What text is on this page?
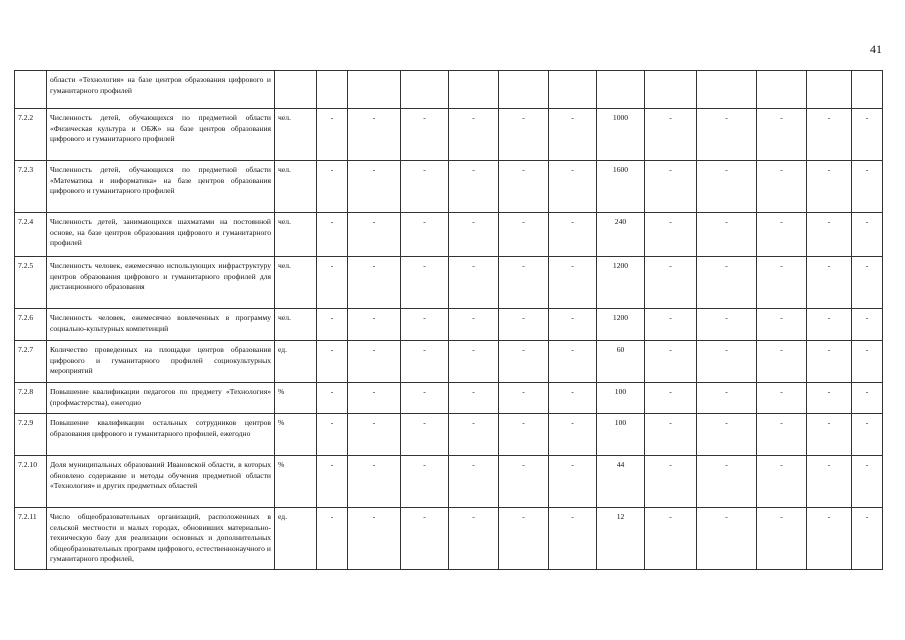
41
	области «Технология» на базе центров образования цифрового и гуманитарного профилей														
7.2.2	Численность детей, обучающихся по предметной области «Физическая культура и ОБЖ» на базе центров образования цифрового и гуманитарного профилей	чел.	-	-	-	-	-	-	1000	-	-	-	-	-	
7.2.3	Численность детей, обучающихся по предметной области «Математика и информатика» на базе центров образования цифрового и гуманитарного профилей	чел.	-	-	-	-	-	-	1600	-	-	-	-	-	
7.2.4	Численность детей, занимающихся шахматами на постоянной основе, на базе центров образования цифрового и гуманитарного профилей	чел.	-	-	-	-	-	-	240	-	-	-	-	-	
7.2.5	Численность человек, ежемесячно использующих инфраструктуру центров образования цифрового и гуманитарного профилей для дистанционного образования	чел.	-	-	-	-	-	-	1200	-	-	-	-	-	
7.2.6	Численность человек, ежемесячно вовлеченных в программу социально-культурных компетенций	чел.	-	-	-	-	-	-	1200	-	-	-	-	-	
7.2.7	Количество проведенных на площадке центров образования цифрового и гуманитарного профилей социокультурных мероприятий	ед.	-	-	-	-	-	-	60	-	-	-	-	-	
7.2.8	Повышение квалификации педагогов по предмету «Технология» (профмастерства), ежегодно	%	-	-	-	-	-	-	100	-	-	-	-	-	
7.2.9	Повышение квалификации остальных сотрудников центров образования цифрового и гуманитарного профилей, ежегодно	%	-	-	-	-	-	-	100	-	-	-	-	-	
7.2.10	Доля муниципальных образований Ивановской области, в которых обновлено содержание и методы обучения предметной области «Технология» и других предметных областей	%	-	-	-	-	-	-	44	-	-	-	-	-	
7.2.11	Число общеобразовательных организаций, расположенных в сельской местности и малых городах, обновивших материально-техническую базу для реализации основных и дополнительных общеобразовательных программ цифрового, естественнонаучного и гуманитарного профилей,	ед.	-	-	-	-	-	-	12	-	-	-	-	-	
